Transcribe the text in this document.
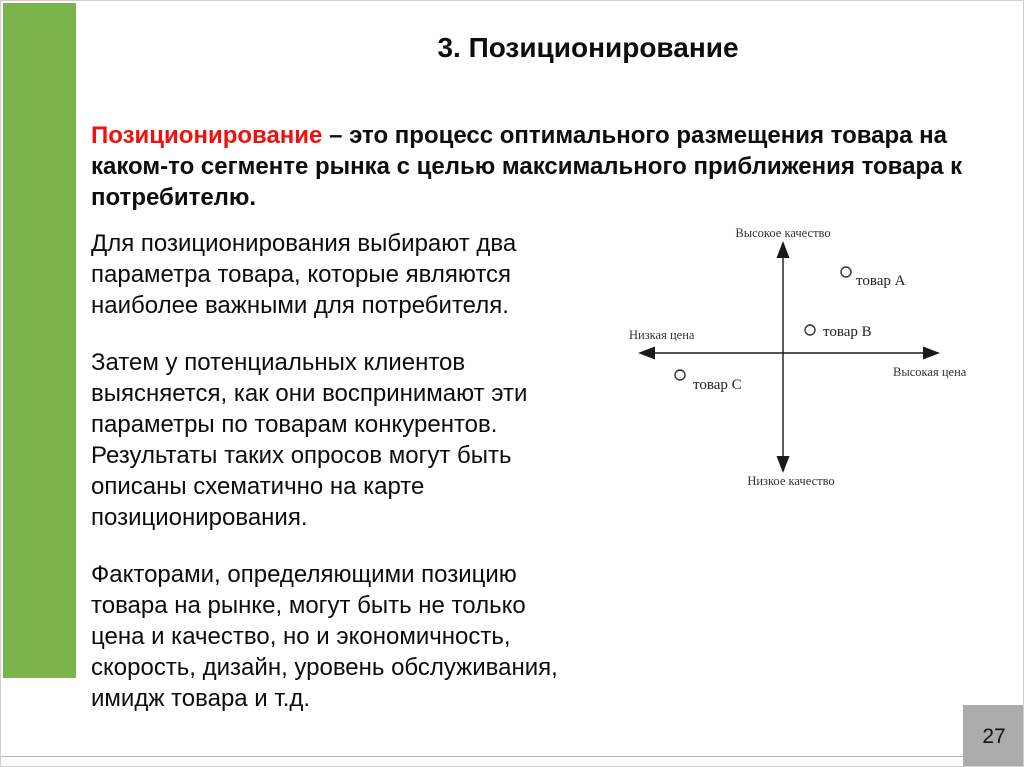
3. Позиционирование
Позиционирование – это процесс оптимального размещения товара на
каком-то сегменте рынка с целью максимального приближения товара к
потребителю.

Для позиционирования выбирают два
параметра товара, которые являются
наиболее важными для потребителя.

Затем у потенциальных клиентов
выясняется, как они воспринимают эти
параметры по товарам конкурентов.
Результаты таких опросов могут быть
описаны схематично на карте
позиционирования.

Факторами, определяющими позицию
товара на рынке, могут быть не только
цена и качество, но и экономичность,
скорость, дизайн, уровень обслуживания,
имидж товара и т.д.

Высокое качество
Низкое качество
Низкая цена
Высокая цена
товар A
товар B
товар C
27
